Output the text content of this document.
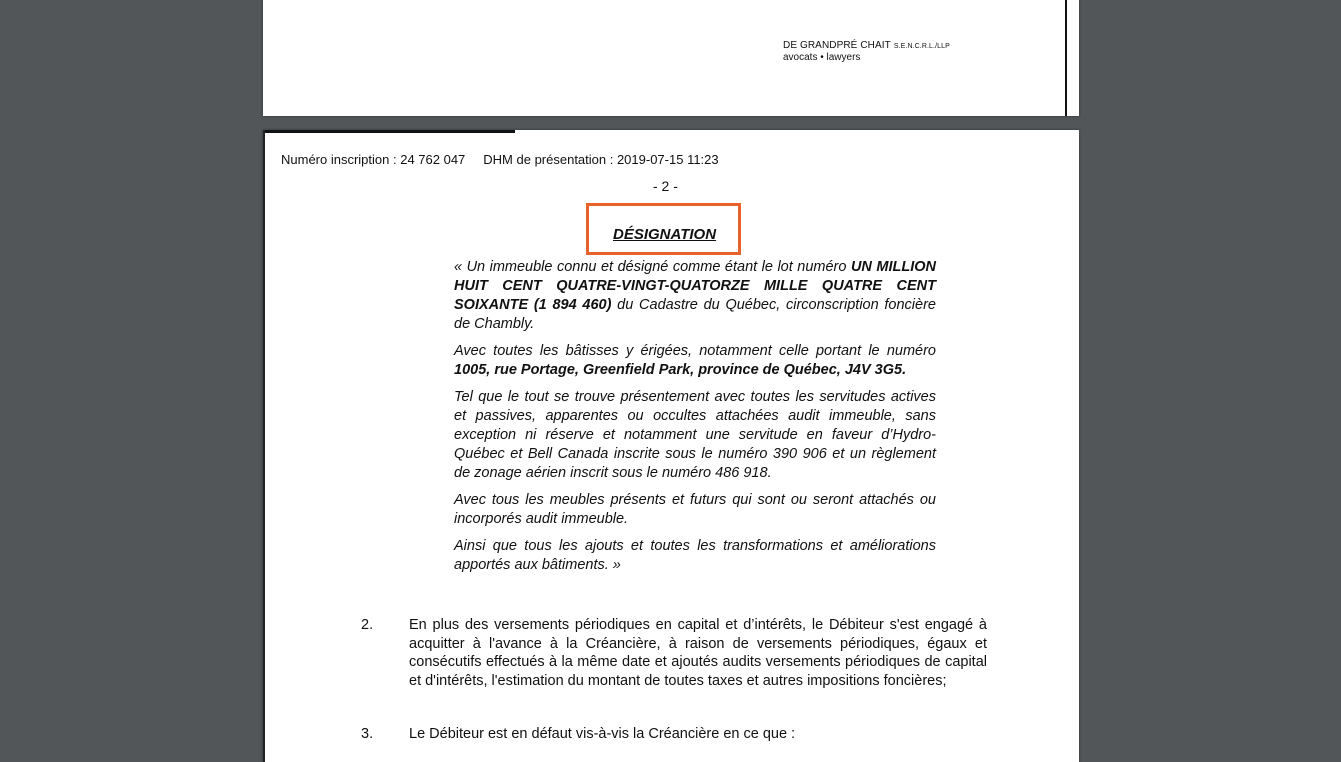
DE GRANDPRÉ CHAIT S.E.N.C.R.L./LLP
avocats • lawyers
Numéro inscription : 24 762 047 DHM de présentation : 2019-07-15 11:23
- 2 -
DÉSIGNATION

« Un immeuble connu et désigné comme étant le lot numéro UN MILLION HUIT CENT QUATRE-VINGT-QUATORZE MILLE QUATRE CENT SOIXANTE (1 894 460) du Cadastre du Québec, circonscription foncière de Chambly.

Avec toutes les bâtisses y érigées, notamment celle portant le numéro 1005, rue Portage, Greenfield Park, province de Québec, J4V 3G5.

Tel que le tout se trouve présentement avec toutes les servitudes actives et passives, apparentes ou occultes attachées audit immeuble, sans exception ni réserve et notamment une servitude en faveur d’Hydro-Québec et Bell Canada inscrite sous le numéro 390 906 et un règlement de zonage aérien inscrit sous le numéro 486 918.

Avec tous les meubles présents et futurs qui sont ou seront attachés ou incorporés audit immeuble.

Ainsi que tous les ajouts et toutes les transformations et améliorations apportés aux bâtiments. »

2. En plus des versements périodiques en capital et d’intérêts, le Débiteur s'est engagé à acquitter à l'avance à la Créancière, à raison de versements périodiques, égaux et consécutifs effectués à la même date et ajoutés audits versements périodiques de capital et d'intérêts, l'estimation du montant de toutes taxes et autres impositions foncières;
3. Le Débiteur est en défaut vis-à-vis la Créancière en ce que :
